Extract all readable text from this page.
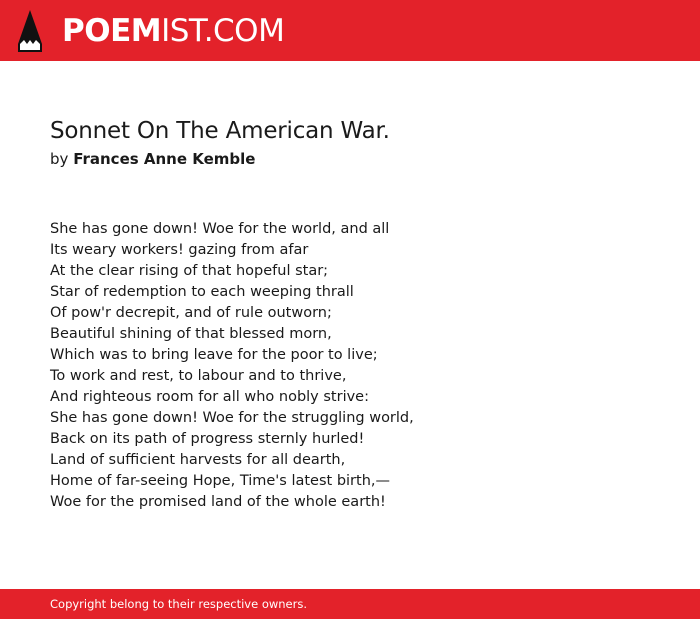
POEMIST.COM
Sonnet On The American War.
by Frances Anne Kemble
She has gone down! Woe for the world, and all
Its weary workers! gazing from afar
At the clear rising of that hopeful star;
Star of redemption to each weeping thrall
Of pow'r decrepit, and of rule outworn;
Beautiful shining of that blessed morn,
Which was to bring leave for the poor to live;
To work and rest, to labour and to thrive,
And righteous room for all who nobly strive:
She has gone down! Woe for the struggling world,
Back on its path of progress sternly hurled!
Land of sufficient harvests for all dearth,
Home of far-seeing Hope, Time's latest birth,—
Woe for the promised land of the whole earth!
Copyright belong to their respective owners.
